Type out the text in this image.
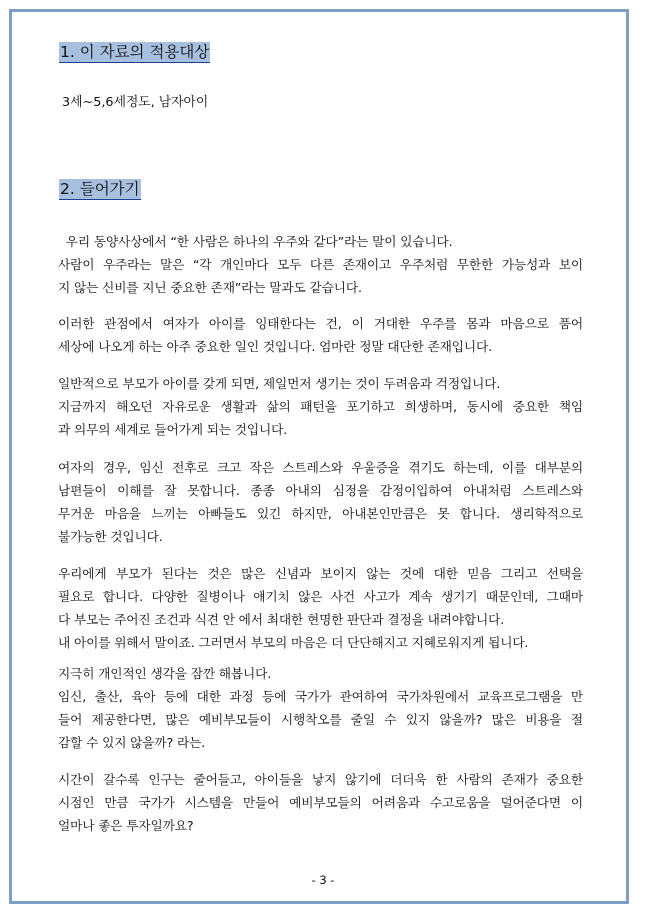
1. 이 자료의 적용대상
3세~5,6세정도, 남자아이
2. 들어가기
우리 동양사상에서 “한 사람은 하나의 우주와 같다”라는 말이 있습니다.
사람이 우주라는 말은 “각 개인마다 모두 다른 존재이고 우주처럼 무한한 가능성과 보이
지 않는 신비를 지닌 중요한 존재”라는 말과도 같습니다.
이러한 관점에서 여자가 아이를 잉태한다는 건, 이 거대한 우주를 몸과 마음으로 품어
세상에 나오게 하는 아주 중요한 일인 것입니다. 엄마란 정말 대단한 존재입니다.
일반적으로 부모가 아이를 갖게 되면, 제일먼저 생기는 것이 두려움과 걱정입니다.
지금까지 해오던 자유로운 생활과 삶의 패턴을 포기하고 희생하며, 동시에 중요한 책임
과 의무의 세계로 들어가게 되는 것입니다.
여자의 경우, 임신 전후로 크고 작은 스트레스와 우울증을 겪기도 하는데, 이를 대부분의
남편들이 이해를 잘 못합니다. 종종 아내의 심정을 감정이입하여 아내처럼 스트레스와
무거운 마음을 느끼는 아빠들도 있긴 하지만, 아내본인만큼은 못 합니다. 생리학적으로
불가능한 것입니다.
우리에게 부모가 된다는 것은 많은 신념과 보이지 않는 것에 대한 믿음 그리고 선택을
필요로 합니다. 다양한 질병이나 얘기치 않은 사건 사고가 계속 생기기 때문인데, 그때마
다 부모는 주어진 조건과 식견 안 에서 최대한 현명한 판단과 결정을 내려야합니다.
내 아이를 위해서 말이죠. 그러면서 부모의 마음은 더 단단해지고 지혜로워지게 됩니다.
지극히 개인적인 생각을 잠깐 해봅니다.
임신, 출산, 육아 등에 대한 과정 등에 국가가 관여하여 국가차원에서 교육프로그램을 만
들어 제공한다면, 많은 예비부모들이 시행착오를 줄일 수 있지 않을까? 많은 비용을 절
감할 수 있지 않을까? 라는.
시간이 갈수록 인구는 줄어들고, 아이들을 낳지 않기에 더더욱 한 사람의 존재가 중요한
시점인 만큼 국가가 시스템을 만들어 예비부모들의 어려움과 수고로움을 덜어준다면 이
얼마나 좋은 투자일까요?
- 3 -
